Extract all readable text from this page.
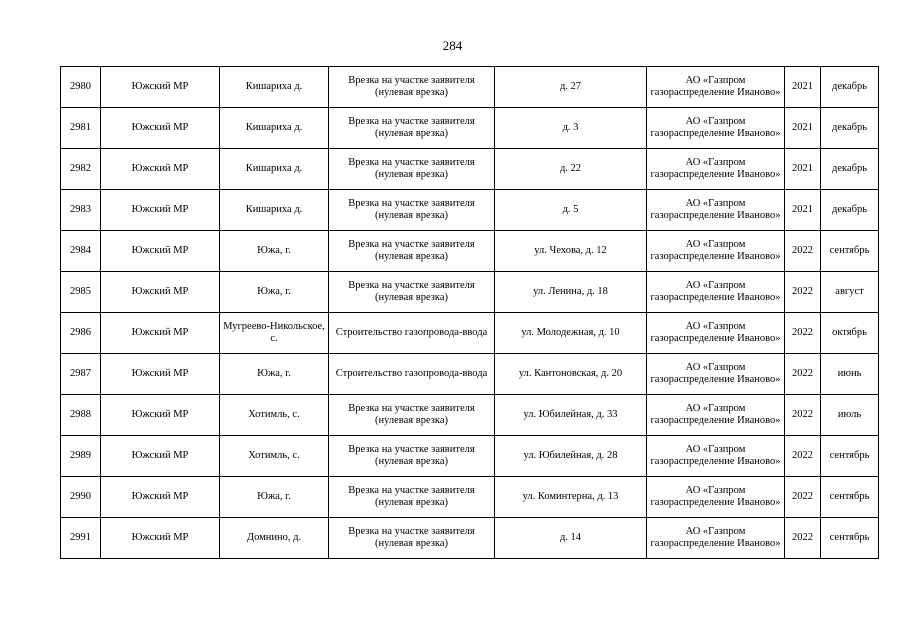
284
2980	Южский МР	Кишариха д.	Врезка на участке заявителя (нулевая врезка)	д. 27	АО «Газпром газораспределение Иваново»	2021	декабрь
2981	Южский МР	Кишариха д.	Врезка на участке заявителя (нулевая врезка)	д. 3	АО «Газпром газораспределение Иваново»	2021	декабрь
2982	Южский МР	Кишариха д.	Врезка на участке заявителя (нулевая врезка)	д. 22	АО «Газпром газораспределение Иваново»	2021	декабрь
2983	Южский МР	Кишариха д.	Врезка на участке заявителя (нулевая врезка)	д. 5	АО «Газпром газораспределение Иваново»	2021	декабрь
2984	Южский МР	Южа, г.	Врезка на участке заявителя (нулевая врезка)	ул. Чехова, д. 12	АО «Газпром газораспределение Иваново»	2022	сентябрь
2985	Южский МР	Южа, г.	Врезка на участке заявителя (нулевая врезка)	ул. Ленина, д. 18	АО «Газпром газораспределение Иваново»	2022	август
2986	Южский МР	Мугреево-Никольское, с.	Строительство газопровода-ввода	ул. Молодежная, д. 10	АО «Газпром газораспределение Иваново»	2022	октябрь
2987	Южский МР	Южа, г.	Строительство газопровода-ввода	ул. Кантоновская, д. 20	АО «Газпром газораспределение Иваново»	2022	июнь
2988	Южский МР	Хотимль, с.	Врезка на участке заявителя (нулевая врезка)	ул. Юбилейная, д. 33	АО «Газпром газораспределение Иваново»	2022	июль
2989	Южский МР	Хотимль, с.	Врезка на участке заявителя (нулевая врезка)	ул. Юбилейная, д. 28	АО «Газпром газораспределение Иваново»	2022	сентябрь
2990	Южский МР	Южа, г.	Врезка на участке заявителя (нулевая врезка)	ул. Коминтерна, д. 13	АО «Газпром газораспределение Иваново»	2022	сентябрь
2991	Южский МР	Домнино, д.	Врезка на участке заявителя (нулевая врезка)	д. 14	АО «Газпром газораспределение Иваново»	2022	сентябрь
